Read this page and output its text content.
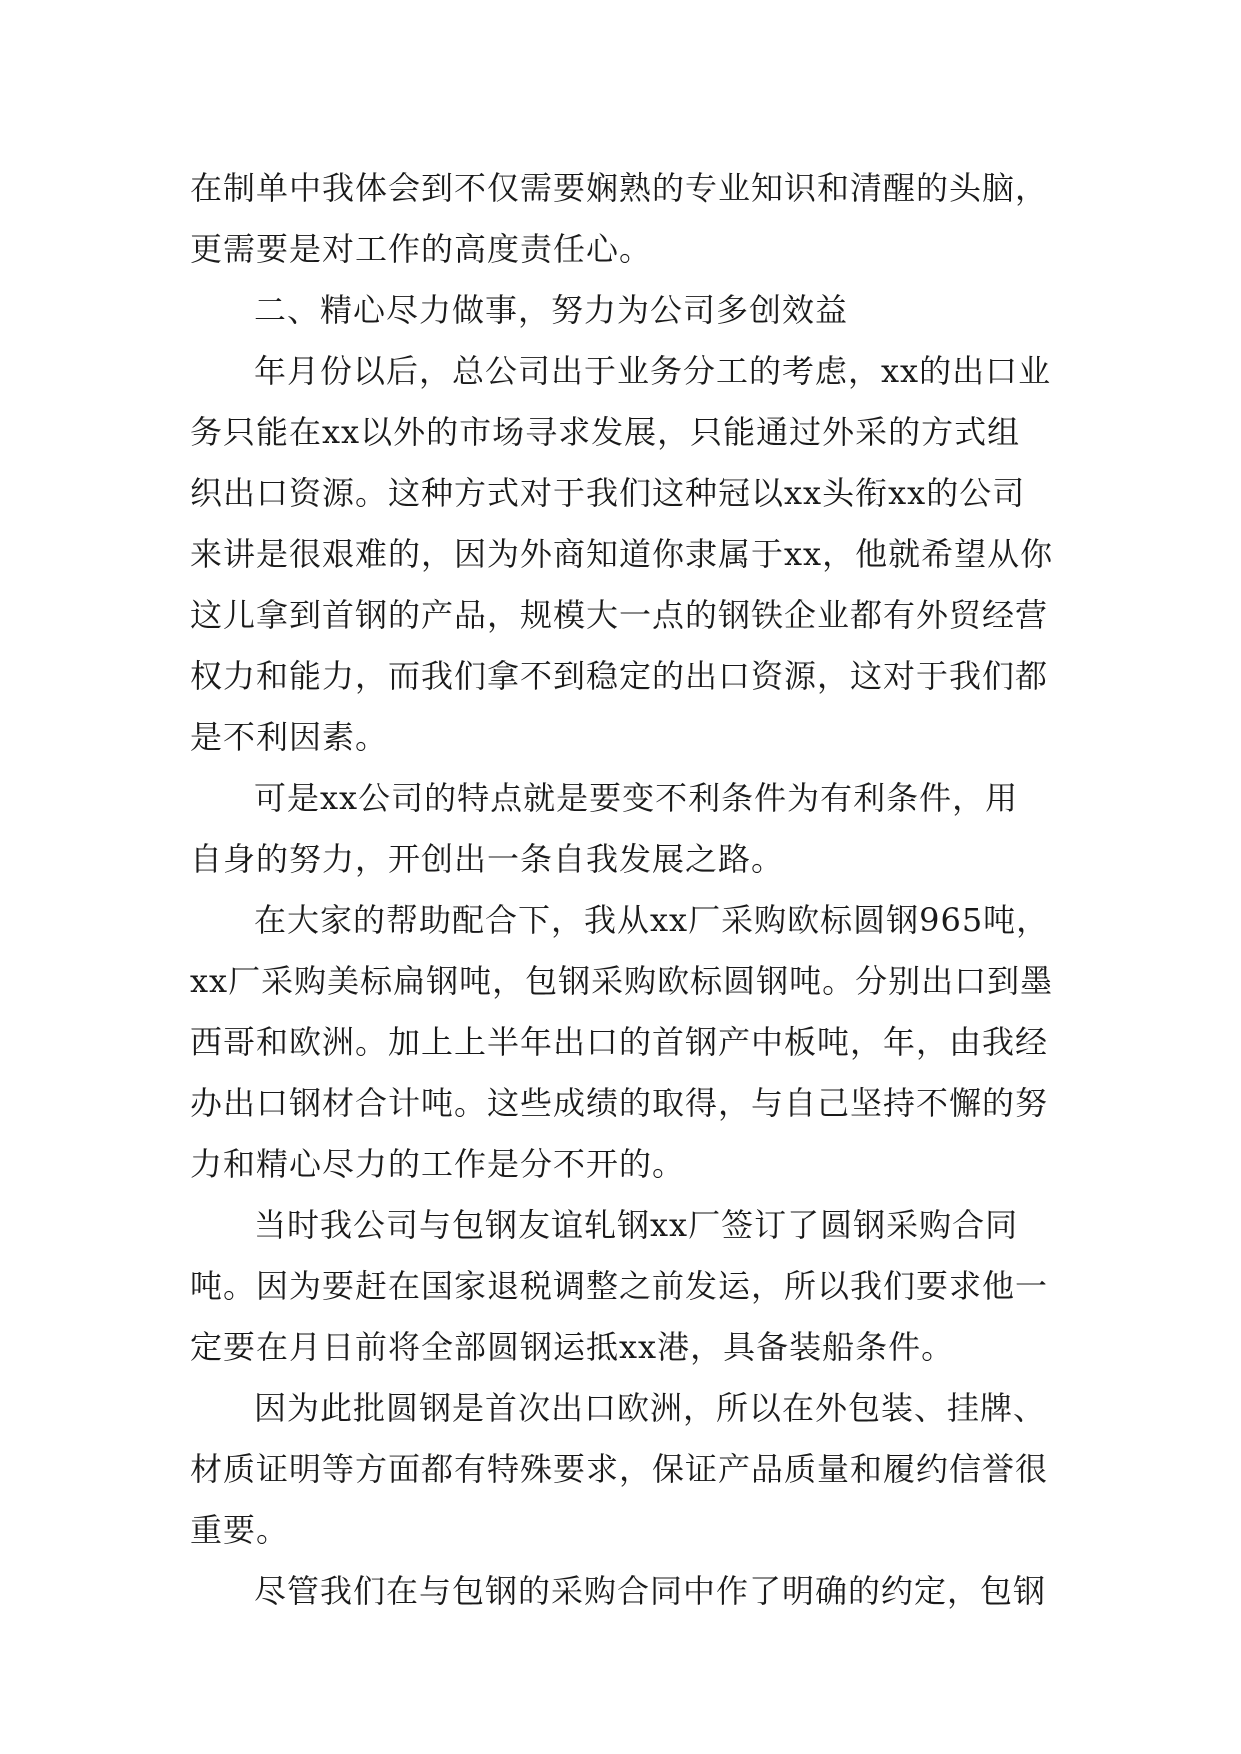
在制单中我体会到不仅需要娴熟的专业知识和清醒的头脑，
更需要是对工作的高度责任心。
二、精心尽力做事，努力为公司多创效益
年月份以后，总公司出于业务分工的考虑，xx的出口业
务只能在xx以外的市场寻求发展，只能通过外采的方式组
织出口资源。这种方式对于我们这种冠以xx头衔xx的公司
来讲是很艰难的，因为外商知道你隶属于xx，他就希望从你
这儿拿到首钢的产品，规模大一点的钢铁企业都有外贸经营
权力和能力，而我们拿不到稳定的出口资源，这对于我们都
是不利因素。
可是xx公司的特点就是要变不利条件为有利条件，用
自身的努力，开创出一条自我发展之路。
在大家的帮助配合下，我从xx厂采购欧标圆钢965吨，
xx厂采购美标扁钢吨，包钢采购欧标圆钢吨。分别出口到墨
西哥和欧洲。加上上半年出口的首钢产中板吨，年，由我经
办出口钢材合计吨。这些成绩的取得，与自己坚持不懈的努
力和精心尽力的工作是分不开的。
当时我公司与包钢友谊轧钢xx厂签订了圆钢采购合同
吨。因为要赶在国家退税调整之前发运，所以我们要求他一
定要在月日前将全部圆钢运抵xx港，具备装船条件。
因为此批圆钢是首次出口欧洲，所以在外包装、挂牌、
材质证明等方面都有特殊要求，保证产品质量和履约信誉很
重要。
尽管我们在与包钢的采购合同中作了明确的约定，包钢
